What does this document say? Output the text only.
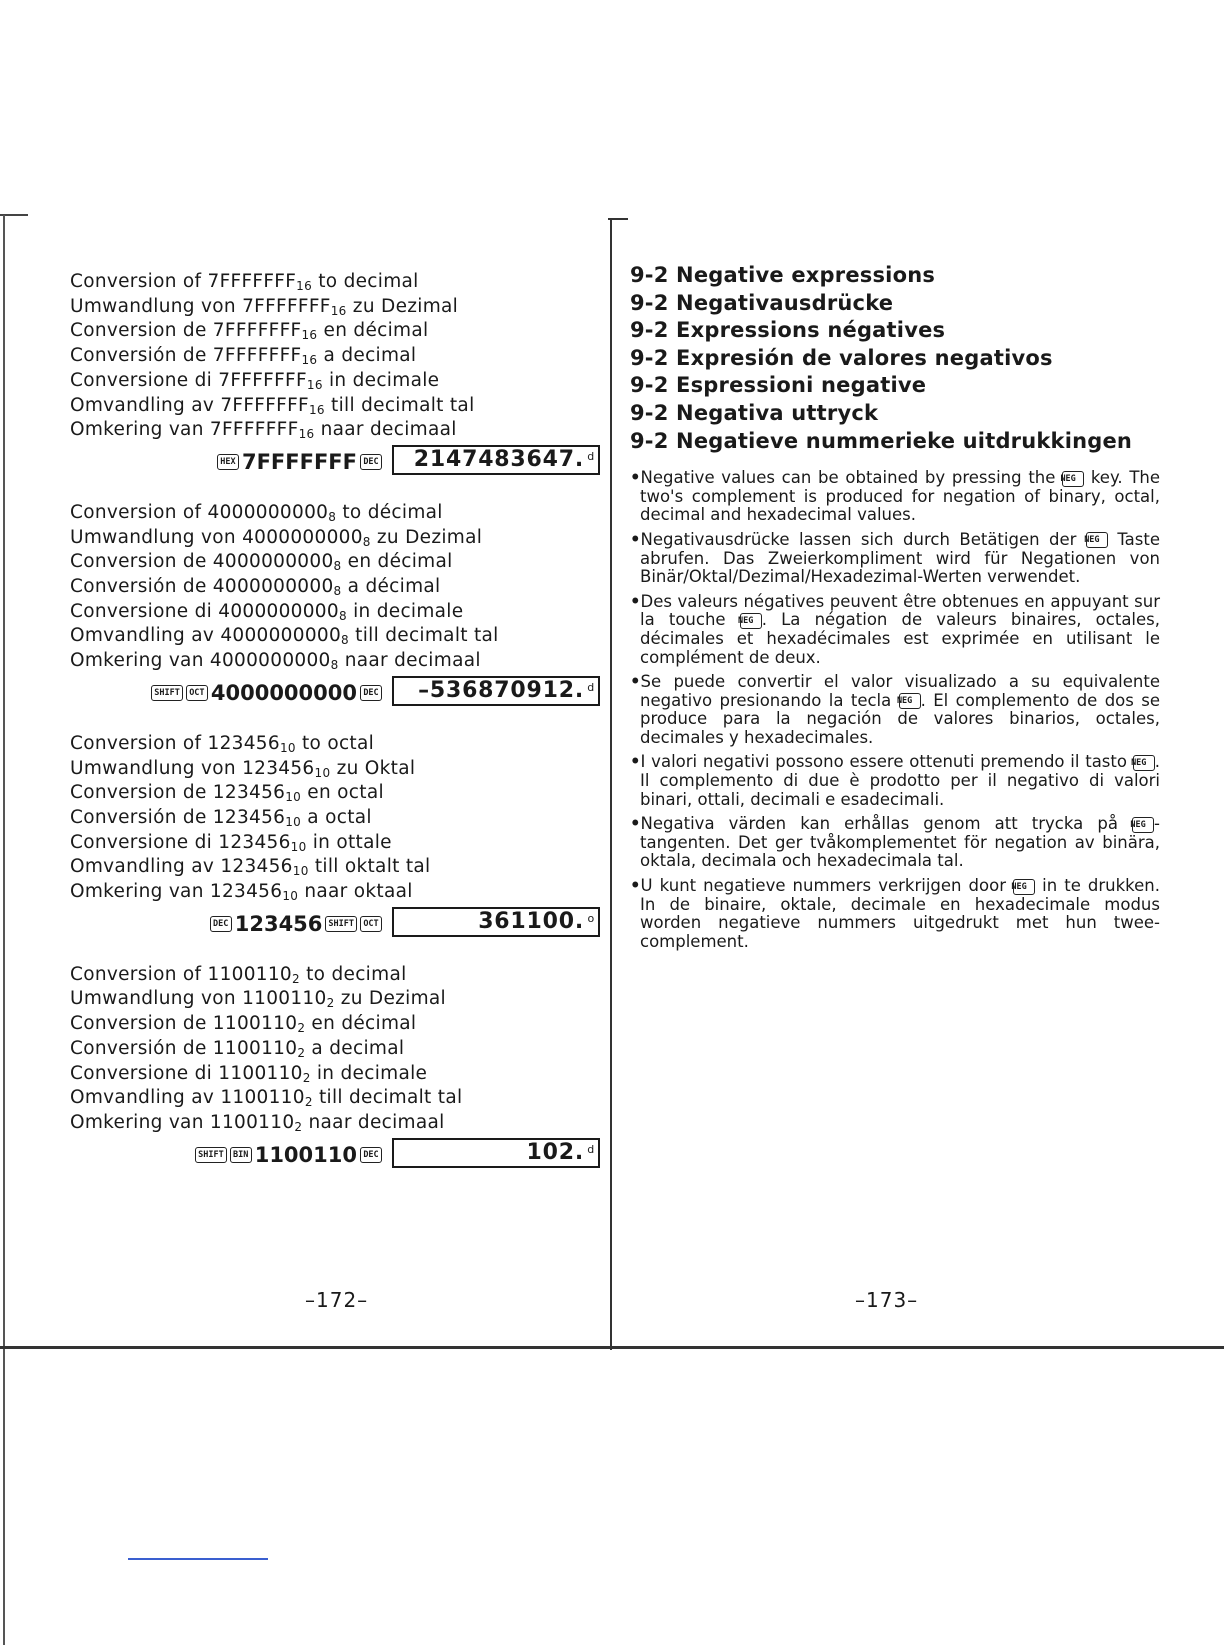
Conversion of $7FFFFFFF_{16}$ to decimal
Umwandlung von $7FFFFFFF_{16}$ zu Dezimal
Conversion de $7FFFFFFF_{16}$ en décimal
Conversión de $7FFFFFFF_{16}$ a decimal
Conversione di $7FFFFFFF_{16}$ in decimale
Omvandling av $7FFFFFFF_{16}$ till decimalt tal
Omkering van $7FFFFFFF_{16}$ naar decimaal
HEX 7FFFFFFF DEC	2147483647. d
Conversion of $4000000000_8$ to décimal
Umwandlung von $4000000000_8$ zu Dezimal
Conversion de $4000000000_8$ en décimal
Conversión de $4000000000_8$ a décimal
Conversione di $4000000000_8$ in decimale
Omvandling av $4000000000_8$ till decimalt tal
Omkering van $4000000000_8$ naar decimaal
SHIFT	OCT 4000000000 DEC	–536870912. d
Conversion of $123456_{10}$ to octal
Umwandlung von $123456_{10}$ zu Oktal
Conversion de $123456_{10}$ en octal
Conversión de $123456_{10}$ a octal
Conversione di $123456_{10}$ in ottale
Omvandling av $123456_{10}$ till oktalt tal
Omkering van $123456_{10}$ naar oktaal
DEC 123456 SHIFT	OCT	361100. o
Conversion of $1100110_2$ to decimal
Umwandlung von $1100110_2$ zu Dezimal
Conversion de $1100110_2$ en décimal
Conversión de $1100110_2$ a decimal
Conversione di $1100110_2$ in decimale
Omvandling av $1100110_2$ till decimalt tal
Omkering van $1100110_2$ naar decimaal
SHIFT	BIN 1100110 DEC	102. d
–172–
9-2 Negative expressions
9-2 Negativausdrücke
9-2 Expressions négatives
9-2 Expresión de valores negativos
9-2 Espressioni negative
9-2 Negativa uttryck
9-2 Negatieve nummerieke uitdrukkingen

•Negative values can be obtained by pressing the NEG key. The two's complement is produced for negation of binary, octal, decimal and hexadecimal values.

•Negativausdrücke lassen sich durch Betätigen der NEG Taste abrufen. Das Zweierkompliment wird für Negationen von Binär/Oktal/Dezimal/Hexadezimal-Werten verwendet.

•Des valeurs négatives peuvent être obtenues en appuyant sur la touche NEG . La négation de valeurs binaires, octales, décimales et hexadécimales est exprimée en utilisant le complément de deux.

•Se puede convertir el valor visualizado a su equivalente negativo presionando la tecla NEG . El complemento de dos se produce para la negación de valores binarios, octales, decimales y hexadecimales.

•I valori negativi possono essere ottenuti premendo il tasto NEG . Il complemento di due è prodotto per il negativo di valori binari, ottali, decimali e esadecimali.

•Negativa värden kan erhållas genom att trycka på NEG -tangenten. Det ger tvåkomplementet för negation av binära, oktala, decimala och hexadecimala tal.

•U kunt negatieve nummers verkrijgen door NEG in te drukken. In de binaire, oktale, decimale en hexadecimale modus worden negatieve nummers uitgedrukt met hun twee-complement.

–173–
